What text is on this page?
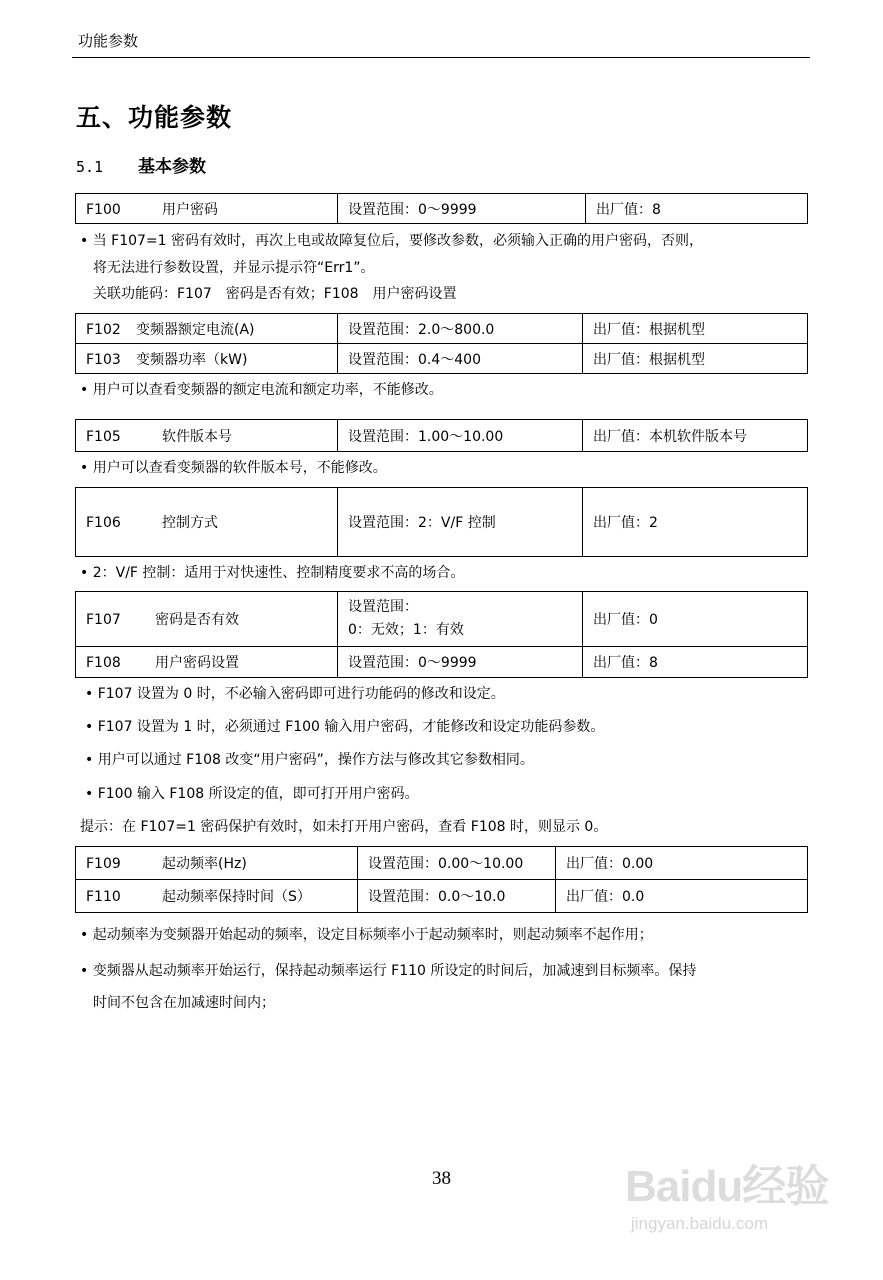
功能参数
五、功能参数
5.1 基本参数
F100	用户密码	设置范围：0～9999	出厂值：8
• 当 F107=1 密码有效时，再次上电或故障复位后，要修改参数，必须输入正确的用户密码，否则，
将无法进行参数设置，并显示提示符“Err1”。
关联功能码：F107　密码是否有效；F108　用户密码设置
F102 变频器额定电流(A)	设置范围：2.0～800.0	出厂值：根据机型
F103 变频器功率（kW)	设置范围：0.4～400	出厂值：根据机型
• 用户可以查看变频器的额定电流和额定功率，不能修改。
F105	软件版本号	设置范围：1.00～10.00	出厂值：本机软件版本号
• 用户可以查看变频器的软件版本号，不能修改。
F106	控制方式	设置范围：2：V/F 控制	出厂值：2
• 2：V/F 控制：适用于对快速性、控制精度要求不高的场合。
F107 密码是否有效	设置范围：
0：无效；1：有效	出厂值：0
F108 用户密码设置	设置范围：0～9999	出厂值：8
• F107 设置为 0 时，不必输入密码即可进行功能码的修改和设定。
• F107 设置为 1 时，必须通过 F100 输入用户密码，才能修改和设定功能码参数。
• 用户可以通过 F108 改变“用户密码”，操作方法与修改其它参数相同。
• F100 输入 F108 所设定的值，即可打开用户密码。
提示：在 F107=1 密码保护有效时，如未打开用户密码，查看 F108 时，则显示 0。
F109 起动频率(Hz)	设置范围：0.00～10.00	出厂值：0.00
F110 起动频率保持时间（S）	设置范围：0.0～10.0	出厂值：0.0
• 起动频率为变频器开始起动的频率，设定目标频率小于起动频率时，则起动频率不起作用；
• 变频器从起动频率开始运行，保持起动频率运行 F110 所设定的时间后，加减速到目标频率。保持
时间不包含在加减速时间内；
38	Baidu经验
jingyan.baidu.com
